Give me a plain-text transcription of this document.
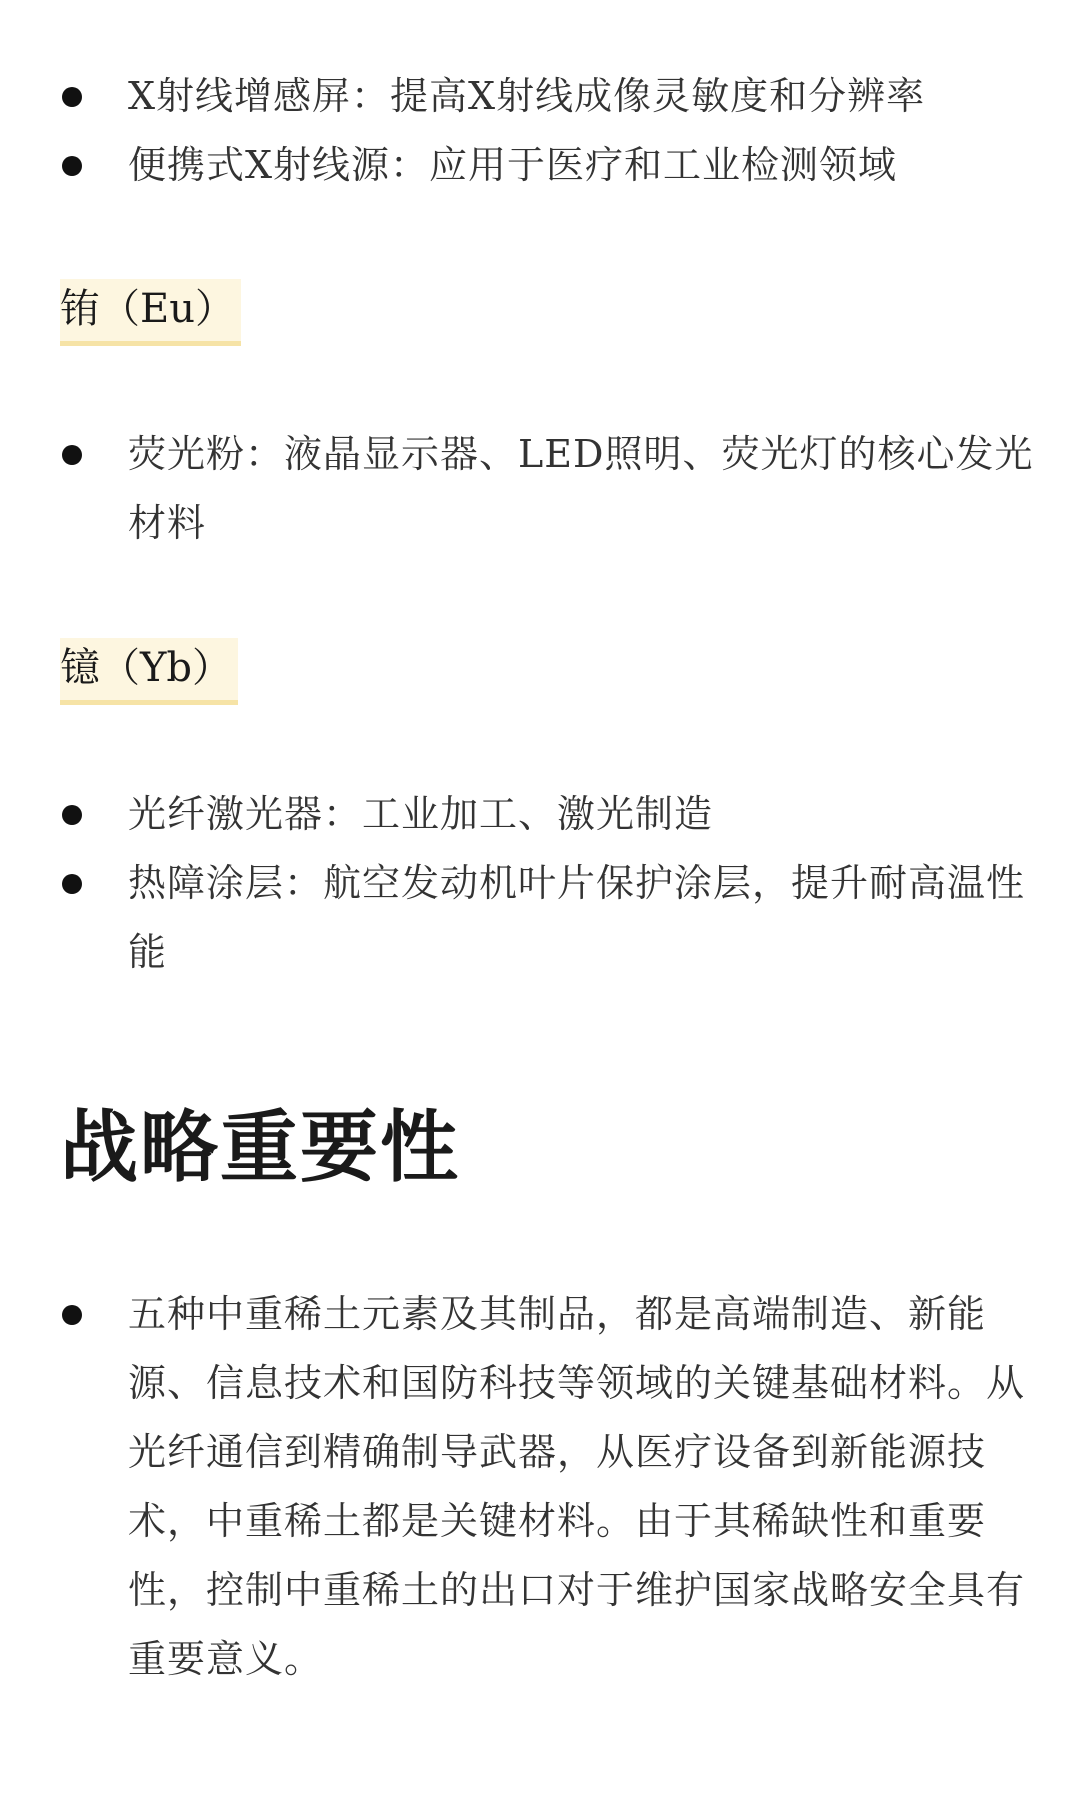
X射线增感屏：提高X射线成像灵敏度和分辨率
便携式X射线源：应用于医疗和工业检测领域
铕（Eu）
荧光粉：液晶显示器、LED照明、荧光灯的核心发光材料
镱（Yb）
光纤激光器：工业加工、激光制造
热障涂层：航空发动机叶片保护涂层，提升耐高温性能
战略重要性
五种中重稀土元素及其制品，都是高端制造、新能源、信息技术和国防科技等领域的关键基础材料。从光纤通信到精确制导武器，从医疗设备到新能源技术，中重稀土都是关键材料。由于其稀缺性和重要性，控制中重稀土的出口对于维护国家战略安全具有重要意义。
